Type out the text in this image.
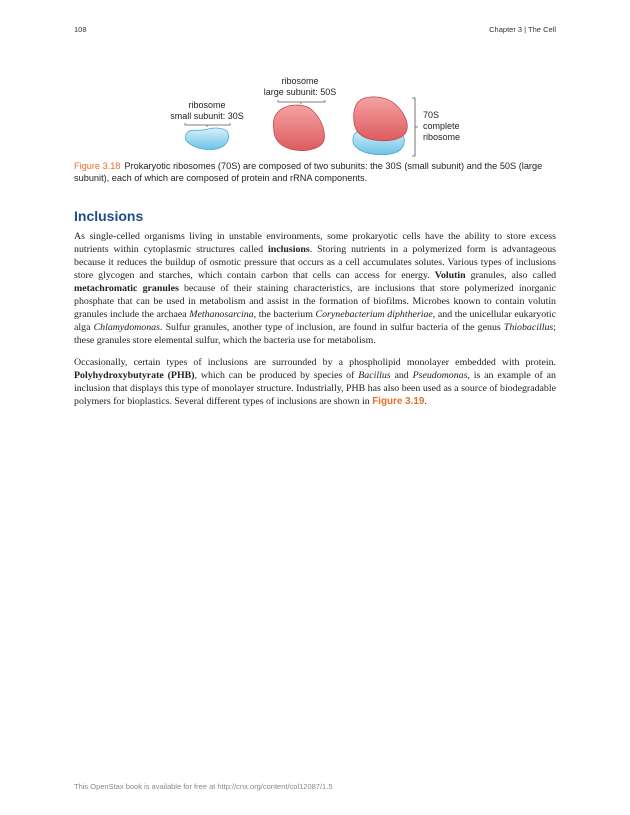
108	Chapter 3 | The Cell
ribosome
small subunit: 30S
ribosome
large subunit: 50S
70S
complete
ribosome
Figure 3.18 Prokaryotic ribosomes (70S) are composed of two subunits: the 30S (small subunit) and the 50S (large subunit), each of which are composed of protein and rRNA components.
Inclusions

As single-celled organisms living in unstable environments, some prokaryotic cells have the ability to store excess nutrients within cytoplasmic structures called inclusions. Storing nutrients in a polymerized form is advantageous because it reduces the buildup of osmotic pressure that occurs as a cell accumulates solutes. Various types of inclusions store glycogen and starches, which contain carbon that cells can access for energy. Volutin granules, also called metachromatic granules because of their staining characteristics, are inclusions that store polymerized inorganic phosphate that can be used in metabolism and assist in the formation of biofilms. Microbes known to contain volutin granules include the archaea Methanosarcina, the bacterium Corynebacterium diphtheriae, and the unicellular eukaryotic alga Chlamydomonas. Sulfur granules, another type of inclusion, are found in sulfur bacteria of the genus Thiobacillus; these granules store elemental sulfur, which the bacteria use for metabolism.

Occasionally, certain types of inclusions are surrounded by a phospholipid monolayer embedded with protein. Polyhydroxybutyrate (PHB), which can be produced by species of Bacillus and Pseudomonas, is an example of an inclusion that displays this type of monolayer structure. Industrially, PHB has also been used as a source of biodegradable polymers for bioplastics. Several different types of inclusions are shown in Figure 3.19.

This OpenStax book is available for free at http://cnx.org/content/col12087/1.5
